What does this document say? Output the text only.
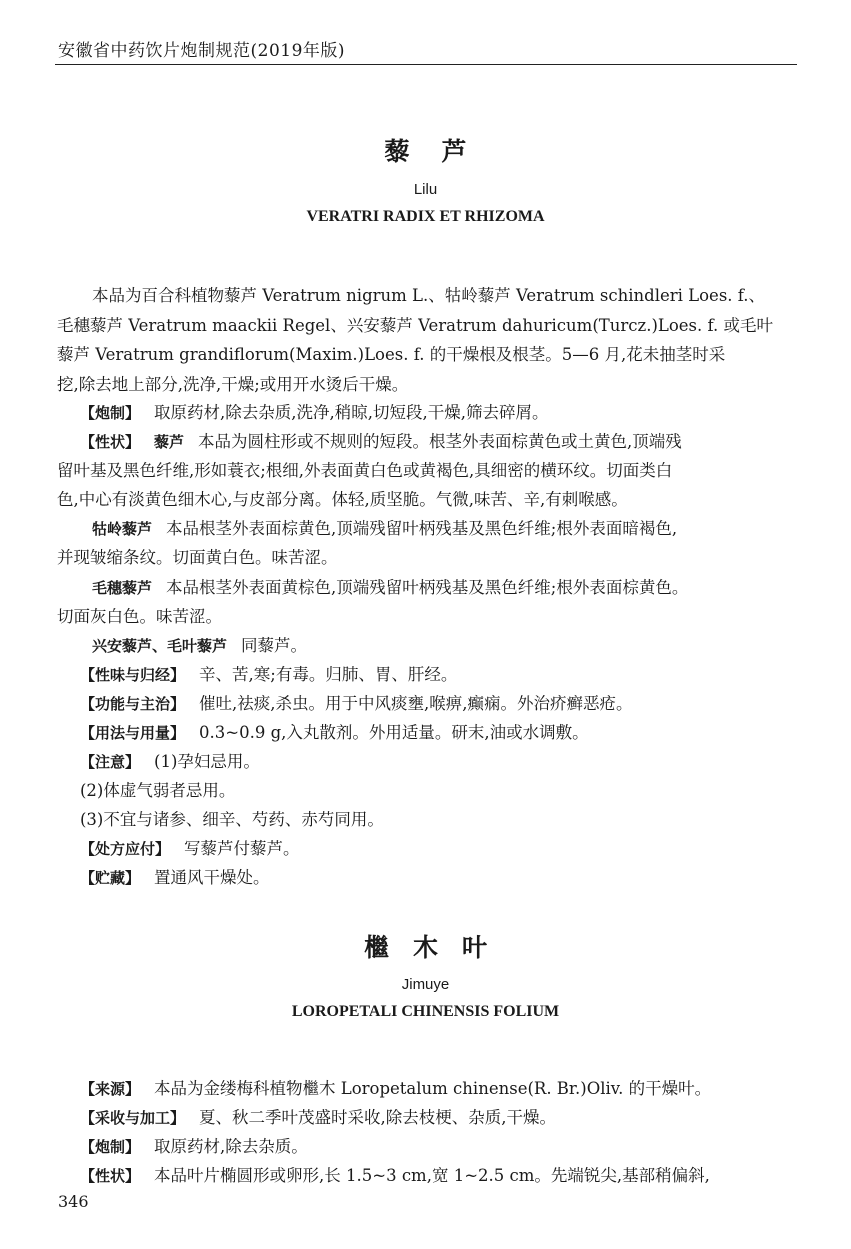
安徽省中药饮片炮制规范(2019年版)
藜芦
Lilu
VERATRI RADIX ET RHIZOMA
本品为百合科植物藜芦 Veratrum nigrum L.、牯岭藜芦 Veratrum schindleri Loes. f.、
毛穗藜芦 Veratrum maackii Regel、兴安藜芦 Veratrum dahuricum(Turcz.)Loes. f. 或毛叶
藜芦 Veratrum grandiflorum(Maxim.)Loes. f. 的干燥根及根茎。5—6 月,花未抽茎时采
挖,除去地上部分,洗净,干燥;或用开水烫后干燥。
【炮制】 取原药材,除去杂质,洗净,稍晾,切短段,干燥,筛去碎屑。
【性状】 藜芦 本品为圆柱形或不规则的短段。根茎外表面棕黄色或土黄色,顶端残
留叶基及黑色纤维,形如蓑衣;根细,外表面黄白色或黄褐色,具细密的横环纹。切面类白
色,中心有淡黄色细木心,与皮部分离。体轻,质坚脆。气微,味苦、辛,有刺喉感。
牯岭藜芦 本品根茎外表面棕黄色,顶端残留叶柄残基及黑色纤维;根外表面暗褐色,
并现皱缩条纹。切面黄白色。味苦涩。
毛穗藜芦 本品根茎外表面黄棕色,顶端残留叶柄残基及黑色纤维;根外表面棕黄色。
切面灰白色。味苦涩。
兴安藜芦、毛叶藜芦 同藜芦。
【性味与归经】 辛、苦,寒;有毒。归肺、胃、肝经。
【功能与主治】 催吐,祛痰,杀虫。用于中风痰壅,喉痹,癫痫。外治疥癣恶疮。
【用法与用量】 0.3~0.9 g,入丸散剂。外用适量。研末,油或水调敷。
【注意】 (1)孕妇忌用。
(2)体虚气弱者忌用。
(3)不宜与诸参、细辛、芍药、赤芍同用。
【处方应付】 写藜芦付藜芦。
【贮藏】 置通风干燥处。
檵木叶
Jimuye
LOROPETALI CHINENSIS FOLIUM
【来源】 本品为金缕梅科植物檵木 Loropetalum chinense(R. Br.)Oliv. 的干燥叶。
【采收与加工】 夏、秋二季叶茂盛时采收,除去枝梗、杂质,干燥。
【炮制】 取原药材,除去杂质。
【性状】 本品叶片椭圆形或卵形,长 1.5~3 cm,宽 1~2.5 cm。先端锐尖,基部稍偏斜,
346
